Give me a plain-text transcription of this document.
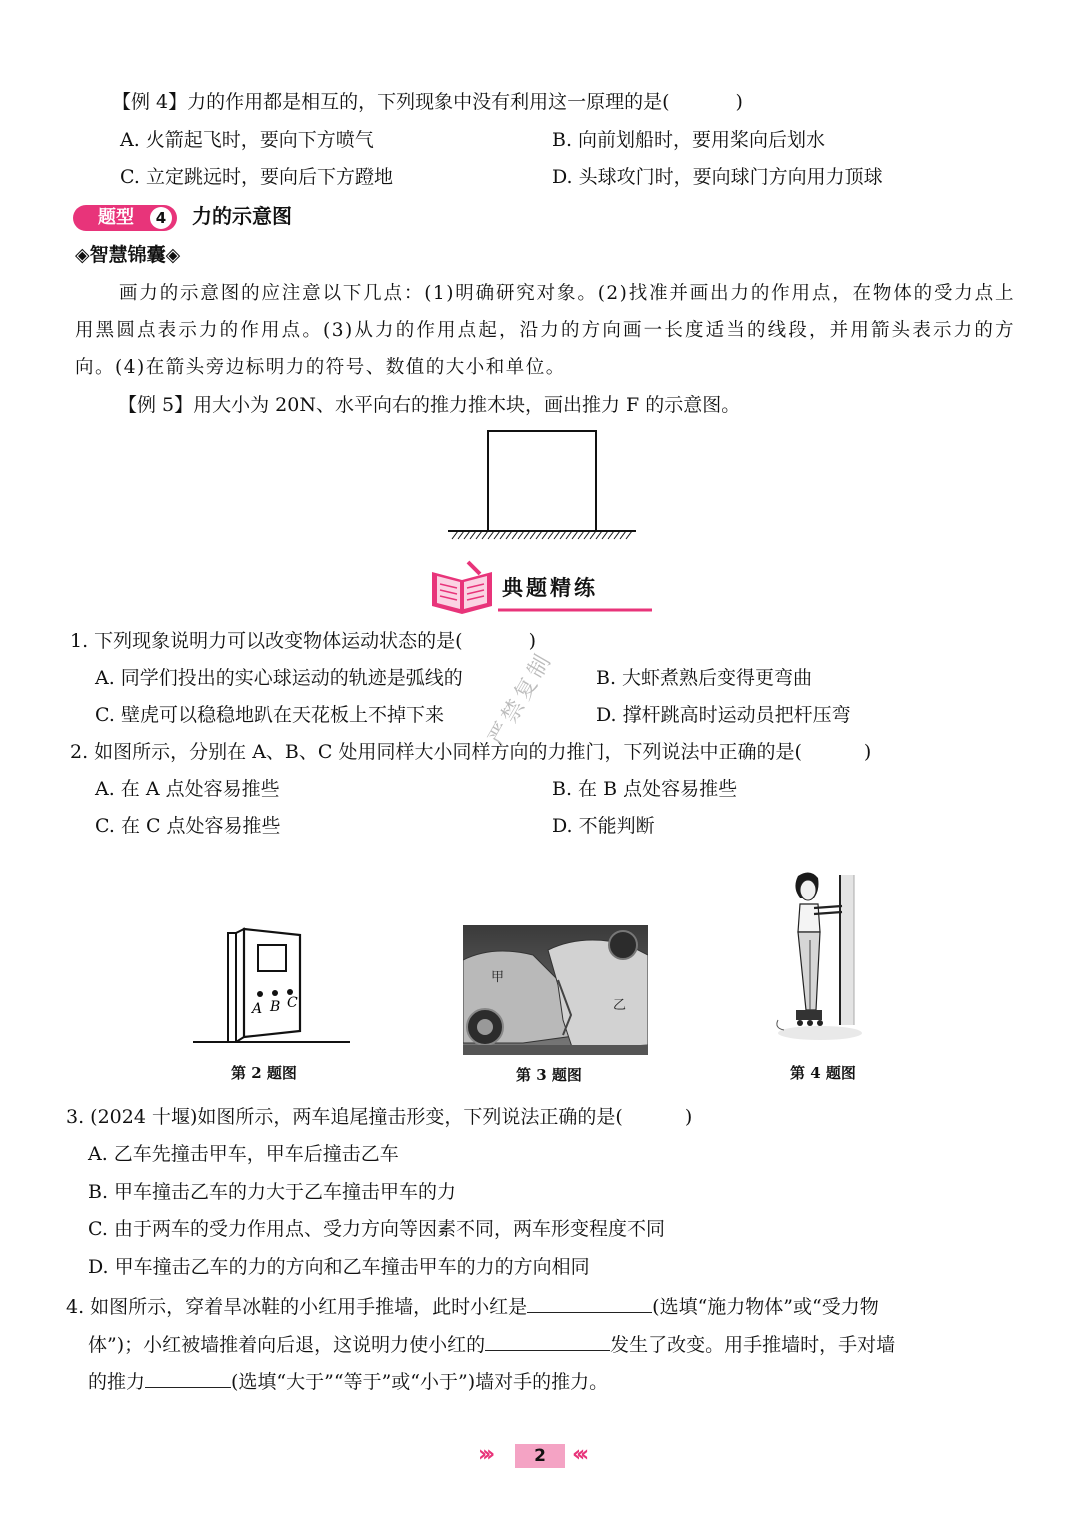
【例 4】力的作用都是相互的，下列现象中没有利用这一原理的是(	)
A. 火箭起飞时，要向下方喷气	B. 向前划船时，要用桨向后划水
C. 立定跳远时，要向后下方蹬地	D. 头球攻门时，要向球门方向用力顶球
题型	4 力的示意图
◈智慧锦囊◈
画力的示意图的应注意以下几点：(1)明确研究对象。(2)找准并画出力的作用点，在物体的受力点上用黑圆点表示力的作用点。(3)从力的作用点起，沿力的方向画一长度适当的线段，并用箭头表示力的方向。(4)在箭头旁边标明力的符号、数值的大小和单位。
【例 5】用大小为 20N、水平向右的推力推木块，画出推力 F 的示意图。
典题精练
1. 下列现象说明力可以改变物体运动状态的是(	)
A. 同学们投出的实心球运动的轨迹是弧线的	B. 大虾煮熟后变得更弯曲
C. 壁虎可以稳稳地趴在天花板上不掉下来	D. 撑杆跳高时运动员把杆压弯
2. 如图所示，分别在 A、B、C 处用同样大小同样方向的力推门，下列说法中正确的是(	)
A. 在 A 点处容易推些	B. 在 B 点处容易推些
C. 在 C 点处容易推些	D. 不能判断
严禁复制
A B C
第 2 题图
甲
乙
第 3 题图	第 4 题图
3. (2024 十堰)如图所示，两车追尾撞击形变，下列说法正确的是(	)
A. 乙车先撞击甲车，甲车后撞击乙车
B. 甲车撞击乙车的力大于乙车撞击甲车的力
C. 由于两车的受力作用点、受力方向等因素不同，两车形变程度不同
D. 甲车撞击乙车的力的方向和乙车撞击甲车的力的方向相同
4. 如图所示，穿着旱冰鞋的小红用手推墙，此时小红是	(选填“施力物体”或“受力物
体”)；小红被墙推着向后退，这说明力使小红的	发生了改变。用手推墙时，手对墙
的推力	(选填“大于”“等于”或“小于”)墙对手的推力。
›››	2	‹‹‹
